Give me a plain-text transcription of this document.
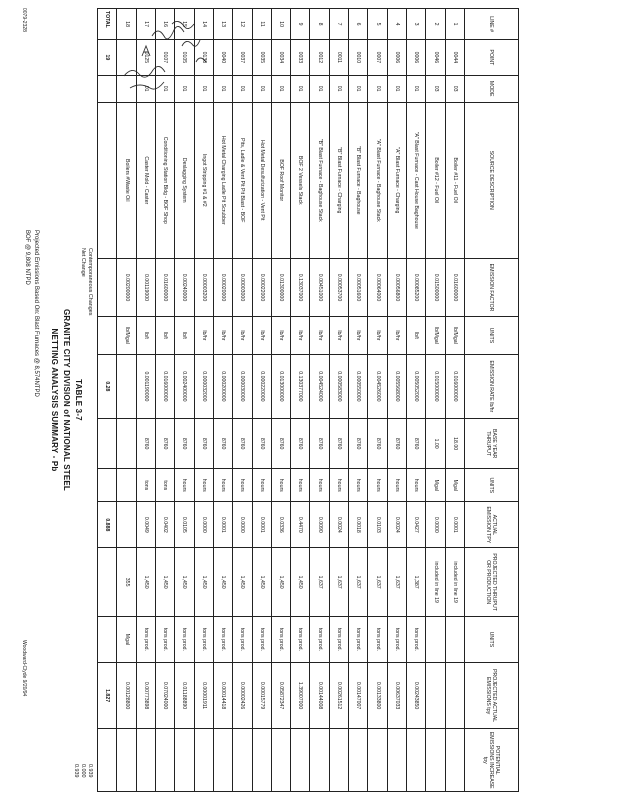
LINE #	POINT	MODE	SOURCE DESCRIPTION	EMISSION FACTOR	UNITS	EMISSION RATE lb/hr	BASE YEAR THRUPUT	UNITS	ACTUAL EMISSION TPY	PROJECTED THRUPUT OR PRODUCTION	UNITS	PROJECTED ACTUAL EMISSIONS tpy	POTENTIAL EMISSIONS INCREASE tpy
1	0044	03	Boiler #11 - Fuel Oil	0.01600000	lb/Mgal	0.016000000	18.00	Mgal	0.0001	included in line 19			
2	0046	03	Boiler #12 - Fuel Oil	0.01500000	lb/Mgal	0.015000000	1.00	Mgal	0.0000	included in line 19			
3	0006	01	"A" Blast Furnace - Cast House Baghouse	0.00085200	lb/t	0.005052000	8760	hours	0.0427	1,387	tons prod.	0.00243850	
4	0006	01	"A" Blast Furnace - Charging	0.00056800	lb/hr	0.005568000	8760	hours	0.0024	1,637	tons prod.	0.00637033	
5	0007	01	"A" Blast Furnace - Baghouse Stack	0.00064000	lb/hr	0.004526000	8760	hours	0.0103	1,637	tons prod.	0.00133800	
6	0010	01	"B" Blast Furnace - Baghouse	0.00051600	lb/hr	0.000550000	8760	hours	0.0018	1,637	tons prod.	0.00147007	
7	0011	01	"B" Blast Furnace - Charging	0.00053700	lb/hr	0.000583000	8760	hours	0.0024	1,637	tons prod.	0.00261512	
8	0012	01	"B" Blast Furnace - Baghouse Stack	0.00451000	lb/hr	0.004524000	8760	hours	0.0090	1,637	tons prod.	0.00144008	
9	0033	01	BOF 2 Vessels Stack	0.13037000	lb/hr	0.130377000	8760	hours	0.4470	1,450	tons prod.	1.39007000	
10	0034	01	BOF Roof Monitor	0.01300000	lb/hr	0.013000000	8760	hours	0.0336	1,450	tons prod.	0.05872347	
11	0035	01	Hot Metal Desulfurization - Vent Pit	0.00022000	lb/hr	0.000220000	8760	hours	0.0001	1,450	tons prod.	0.00015779	
12	0037	01	Pits, Ladle & Vent Pit Pit Blast - BOF	0.00003000	lb/hr	0.000030000	8760	hours	0.0000	1,450	tons prod.	0.00002426	
13	0040	01	Hot Metal Charging Ladle Pit Scrubber	0.00020000	lb/hr	0.000200000	8760	hours	0.0001	1,450	tons prod.	0.00014418	
14	0138	01	Ingot Stripping #1 & #2	0.00003200	lb/hr	0.000032000	8760	hours	0.0000	1,450	tons prod.	0.00001911	
15	0105	01	Deslagging System	0.00240000	lb/t	0.002400000	8760	hours	0.0105	1,450	tons prod.	0.01188890	
16	0107	01	Conditioning Station Bldg - BOF Shop	0.01600000	lb/t	0.016000000	8760	tons	0.0402	1,450	tons prod.	0.07024000	
17	0125	01	Caster Mold - Caster	0.00119000	lb/t	0.001190000	8760	tons	0.0049	1,450	tons prod.	0.00773898	
18			Boilers #Waste Oil	0.00200000	lb/Mgal					355	Mgal	0.00128800	
TOTAL	19					0.28			0.888			1.827	
Contemporaneous Changes
Net Change
0.939
0.000
0.939
TABLE 3-7
GRANITE CITY DIVISION of NATIONAL STEEL
NETTING ANALYSIS SUMMARY - Pb
Projected Emissions Based On: Blast Furnaces @ 8,574NTPD
BOF @ 9,808 NTPD
0079-2328
Woodward-Clyde 9/20/94
